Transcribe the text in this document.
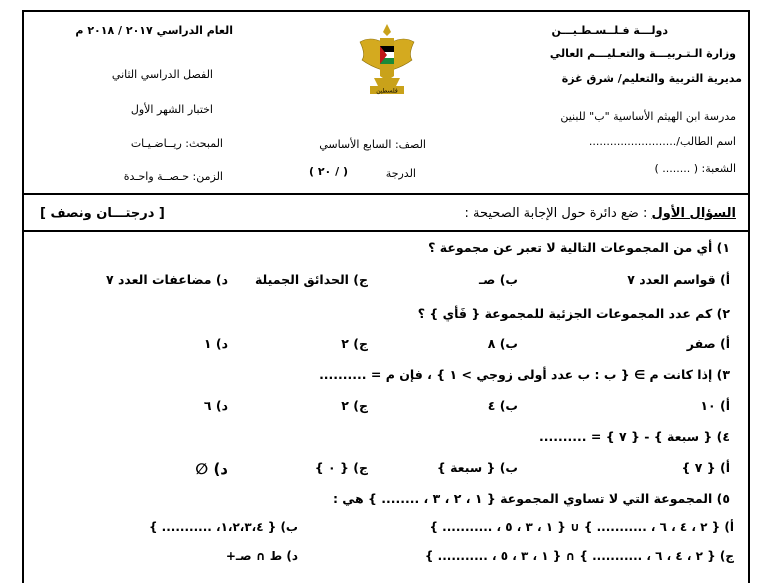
دولـــة فـلــسـطـيـــن
وزارة الـتـربيـــة والتعـليـــم العالي
مديرية التربية والتعليم/ شرق غزة
مدرسة ابن الهيثم الأساسية "ب" للبنين
اسم الطالب/.........................
الشعبة: ( ........ )
فلسطين
الصف: السابع الأساسي
الدرجة
( / ٢٠ )
العام الدراسي ٢٠١٧ / ٢٠١٨ م
الفصل الدراسي الثاني
اختبار الشهر الأول
المبحث: ريــاضـيـات
الزمن: حـصــة واحـدة
السؤال الأول : ضع دائرة حول الإجابة الصحيحة :
[ درجتـــان ونصف ]
١) أي من المجموعات التالية لا تعبر عن مجموعة ؟
أ) قواسم العدد ٧
ب) صـ
ج) الحدائق الجميلة
د) مضاعفات العدد ٧
٢) كم عدد المجموعات الجزئية للمجموعة { فَأي } ؟
أ) صفر
ب) ٨
ج) ٢
د) ١
٣) إذا كانت م ∋ { ب : ب عدد أولى زوجي > ١ } ، فإن م = ..........
أ) ١٠
ب) ٤
ج) ٢
د) ٦
٤) { سبعة } - { ٧ } = ..........
أ) { ٧ }
ب) { سبعة }
ج) { ٠ }
د) ∅
٥) المجموعة التي لا تساوي المجموعة { ١ ، ٢ ، ٣ ، ........ } هي :
أ) { ٢ ، ٤ ، ٦ ، ........... } ∪ { ١ ، ٣ ، ٥ ، ........... }
ب) { ١،٢،٣،٤، ........... }
ج) { ٢ ، ٤ ، ٦ ، ........... } ∩ { ١ ، ٣ ، ٥ ، ........... }
د) ط ∩ صـ+
